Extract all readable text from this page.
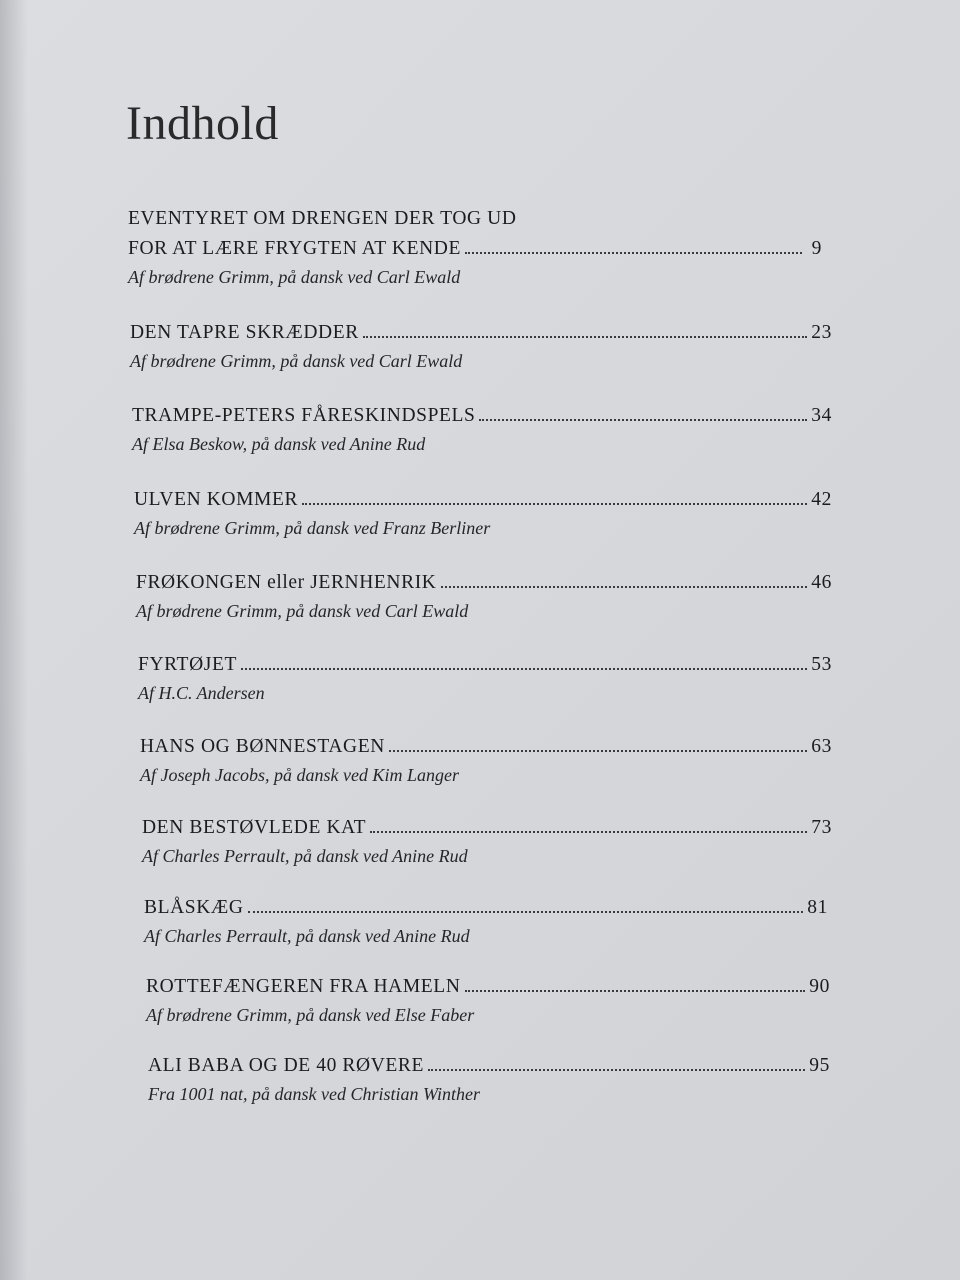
Indhold
EVENTYRET OM DRENGEN DER TOG UD
FOR AT LÆRE FRYGTEN AT KENDE	9
Af brødrene Grimm, på dansk ved Carl Ewald
DEN TAPRE SKRÆDDER	23
Af brødrene Grimm, på dansk ved Carl Ewald
TRAMPE-PETERS FÅRESKINDSPELS	34
Af Elsa Beskow, på dansk ved Anine Rud
ULVEN KOMMER	42
Af brødrene Grimm, på dansk ved Franz Berliner
FRØKONGEN eller JERNHENRIK	46
Af brødrene Grimm, på dansk ved Carl Ewald
FYRTØJET	53
Af H.C. Andersen
HANS OG BØNNESTAGEN	63
Af Joseph Jacobs, på dansk ved Kim Langer
DEN BESTØVLEDE KAT	73
Af Charles Perrault, på dansk ved Anine Rud
BLÅSKÆG	81
Af Charles Perrault, på dansk ved Anine Rud
ROTTEFÆNGEREN FRA HAMELN	90
Af brødrene Grimm, på dansk ved Else Faber
ALI BABA OG DE 40 RØVERE	95
Fra 1001 nat, på dansk ved Christian Winther
